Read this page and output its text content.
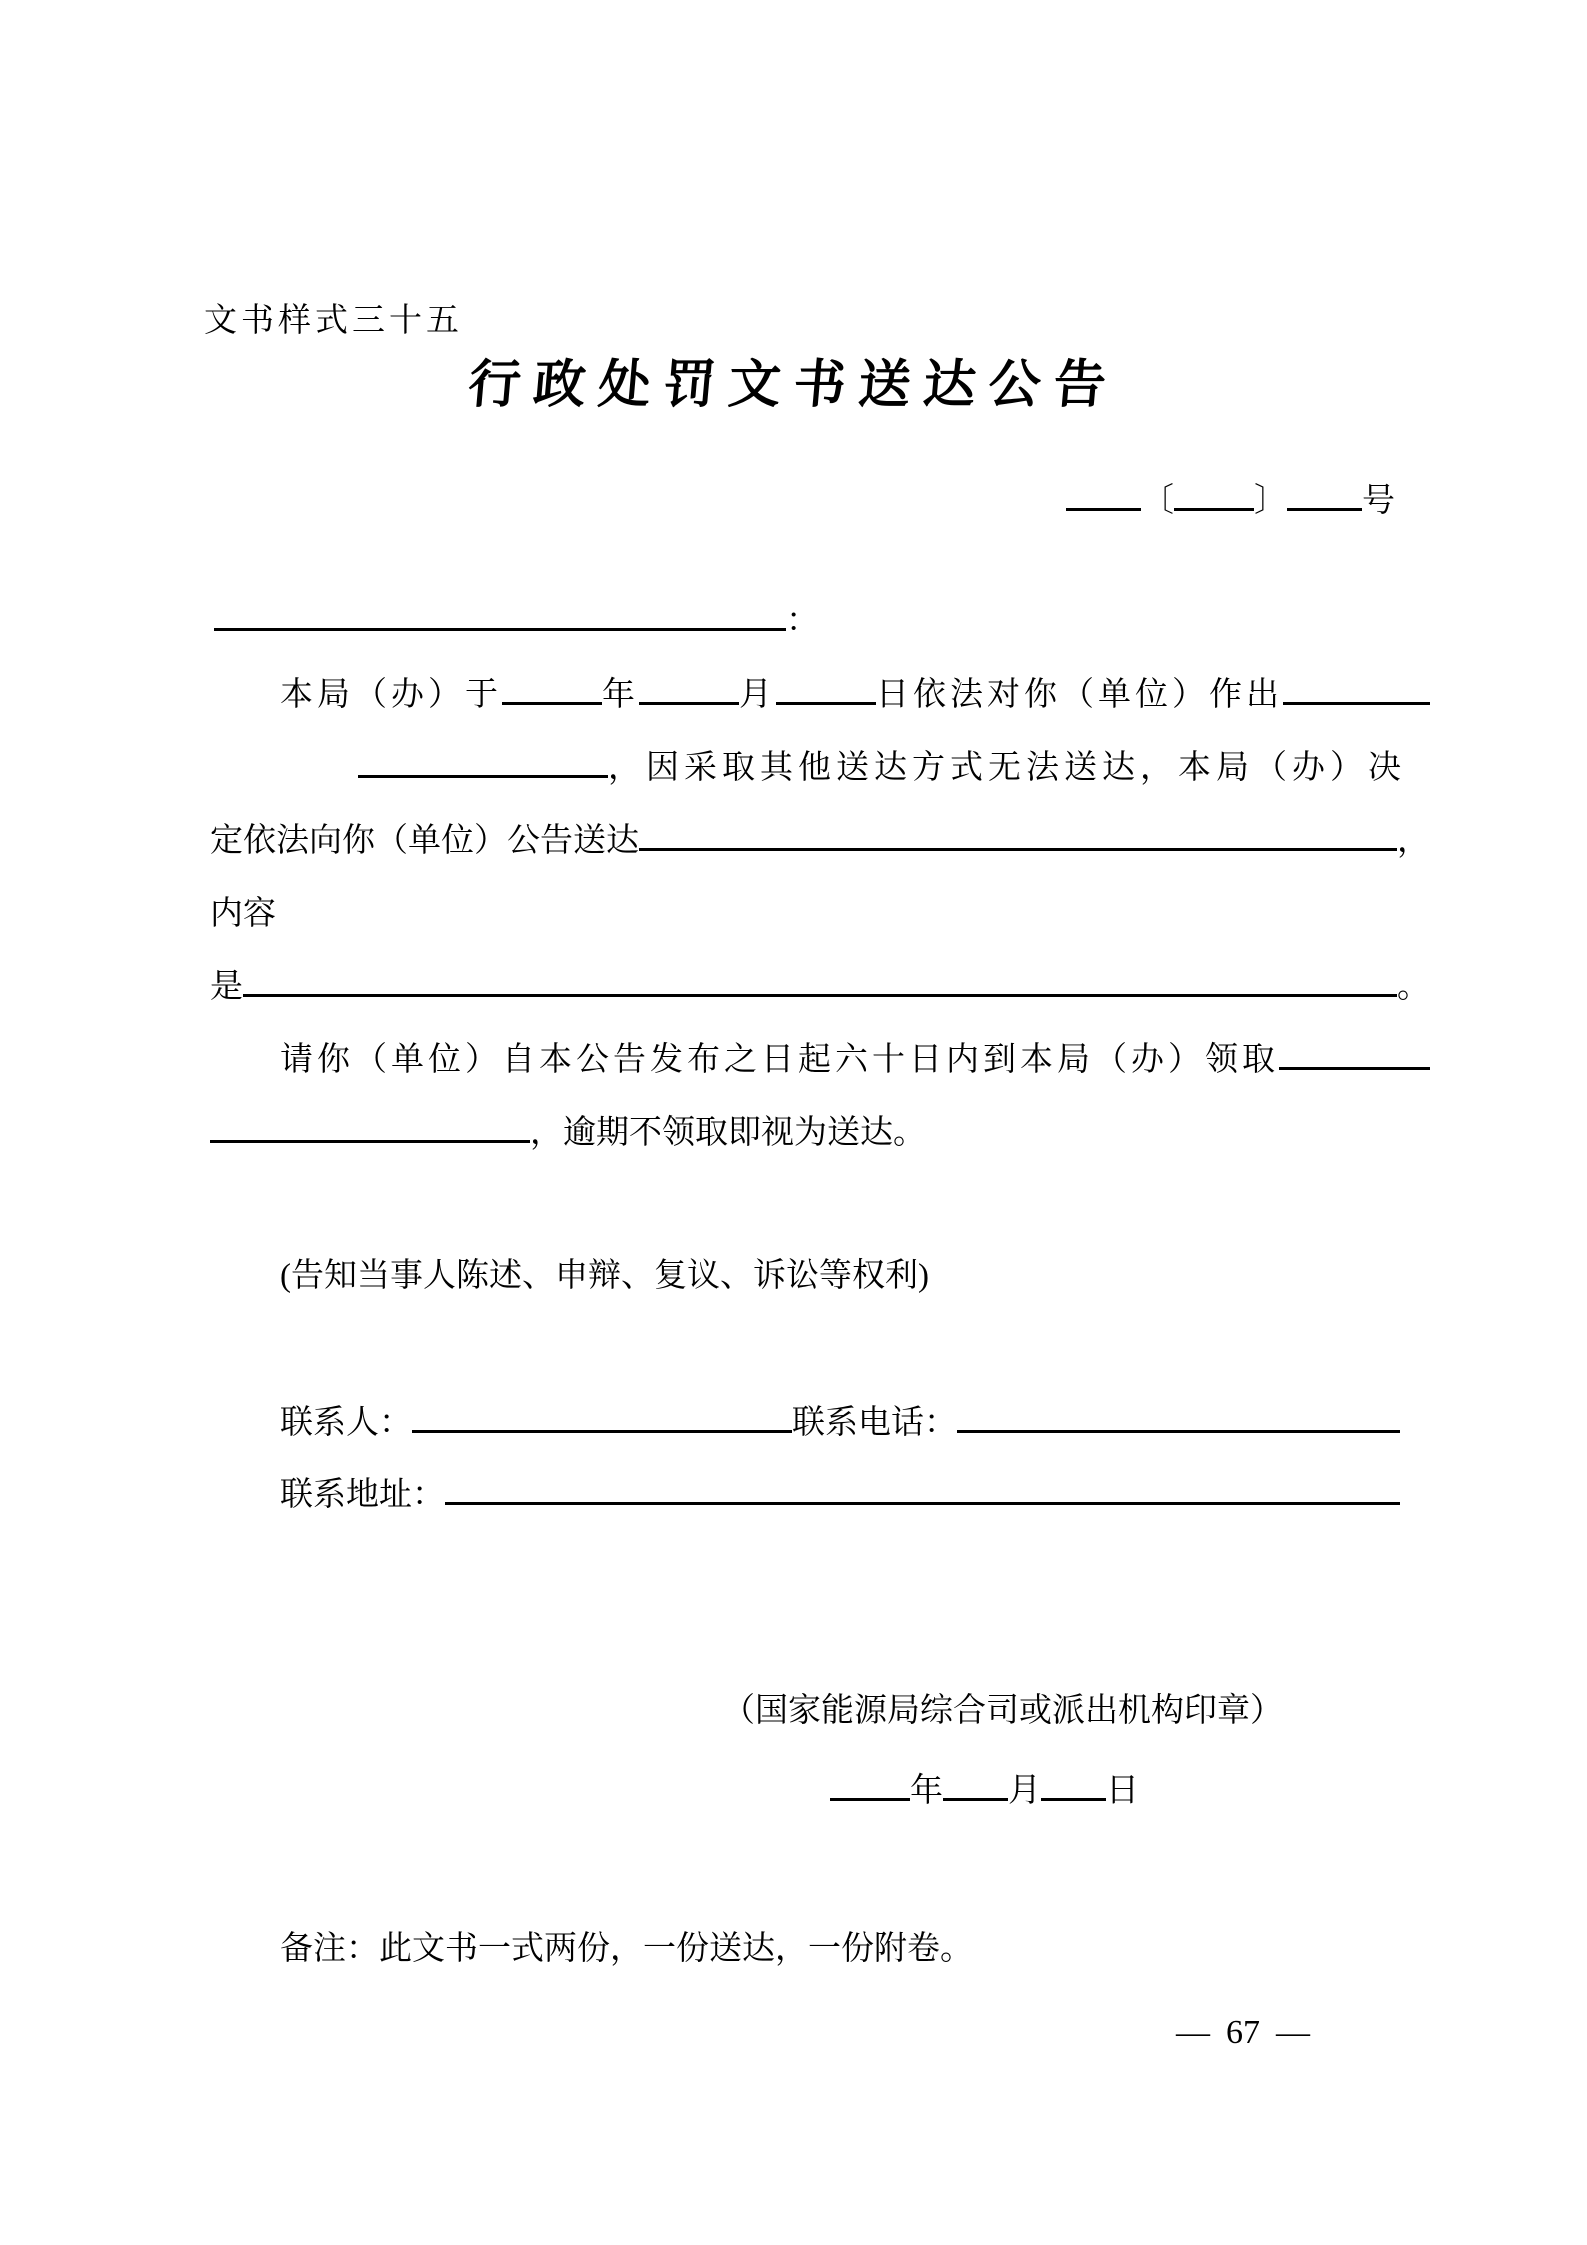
文书样式三十五
行政处罚文书送达公告
〔 〕 号
：
本局（办）于	年	月	日依法对你（单位）作出
，因采取其他送达方式无法送达，本局（办）决
定依法向你（单位）公告送达	，
内容
是	。
请你（单位）自本公告发布之日起六十日内到本局（办）领取
，逾期不领取即视为送达。
(告知当事人陈述、申辩、复议、诉讼等权利)
联系人：	联系电话：
联系地址：
（国家能源局综合司或派出机构印章）
年 月 日
备注：此文书一式两份，一份送达，一份附卷。
— 67 —
